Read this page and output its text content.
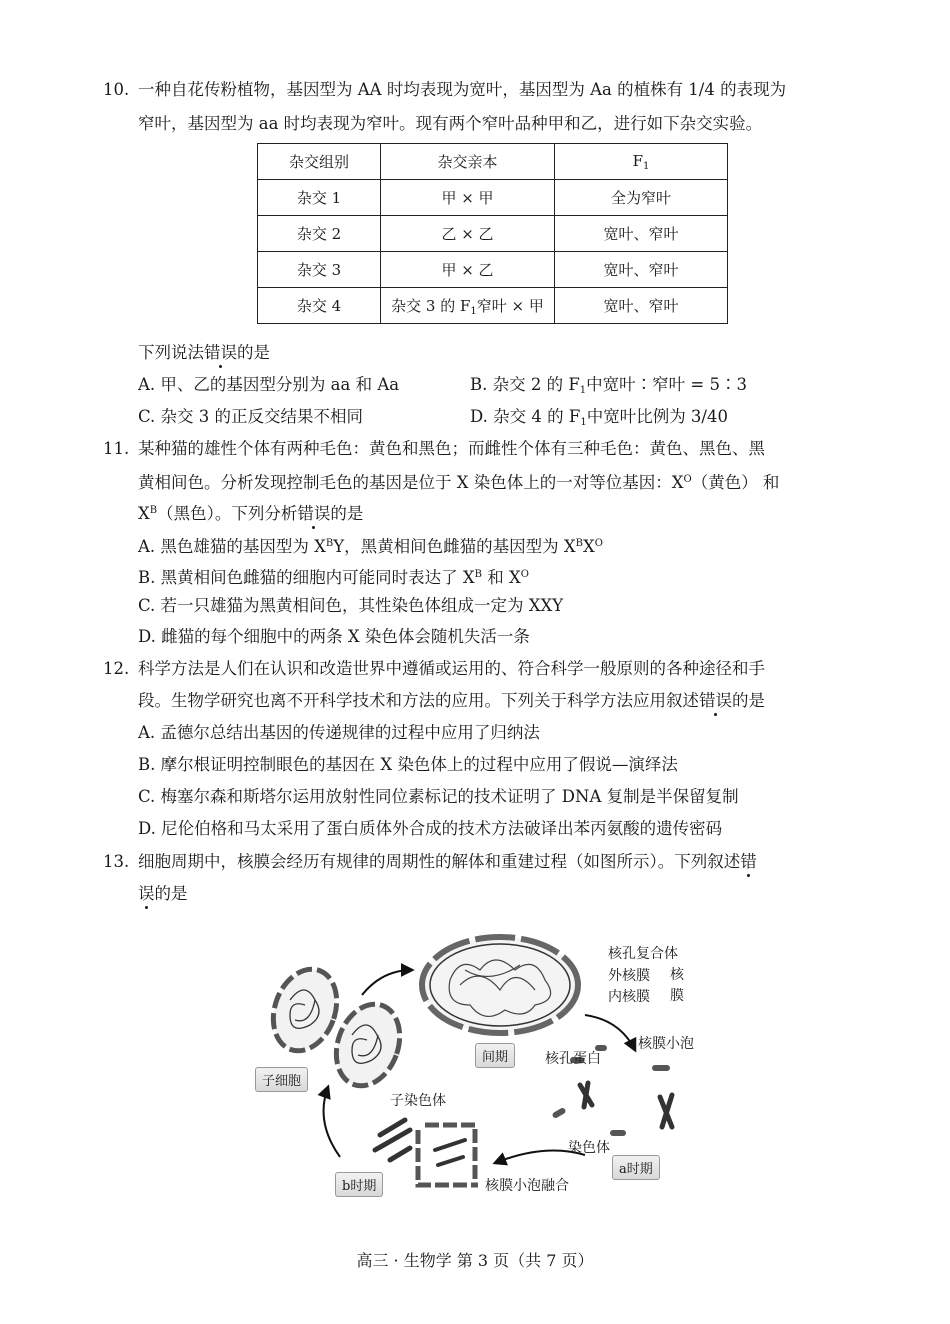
10. 一种自花传粉植物，基因型为 AA 时均表现为宽叶，基因型为 Aa 的植株有 1/4 的表现为
窄叶，基因型为 aa 时均表现为窄叶。现有两个窄叶品种甲和乙，进行如下杂交实验。
杂交组别	杂交亲本	$F_1$
杂交 1	甲 × 甲	全为窄叶
杂交 2	乙 × 乙	宽叶、窄叶
杂交 3	甲 × 乙	宽叶、窄叶
杂交 4	杂交 3 的 $F_1$窄叶 × 甲	宽叶、窄叶
下列说法错误的是
A. 甲、乙的基因型分别为 aa 和 Aa	B. 杂交 2 的 $F_1$中宽叶∶窄叶 = 5∶3
C. 杂交 3 的正反交结果不相同	D. 杂交 4 的 $F_1$中宽叶比例为 3/40
11. 某种猫的雄性个体有两种毛色：黄色和黑色；而雌性个体有三种毛色：黄色、黑色、黑
黄相间色。分析发现控制毛色的基因是位于 X 染色体上的一对等位基因：$X^O$（黄色） 和
$X^B$（黑色）。下列分析错误的是
A. 黑色雄猫的基因型为 $X^BY$，黑黄相间色雌猫的基因型为 $X^BX^O$
B. 黑黄相间色雌猫的细胞内可能同时表达了 $X^B$ 和 $X^O$
C. 若一只雄猫为黑黄相间色，其性染色体组成一定为 XXY
D. 雌猫的每个细胞中的两条 X 染色体会随机失活一条
12. 科学方法是人们在认识和改造世界中遵循或运用的、符合科学一般原则的各种途径和手
段。生物学研究也离不开科学技术和方法的应用。下列关于科学方法应用叙述错误的是
A. 孟德尔总结出基因的传递规律的过程中应用了归纳法
B. 摩尔根证明控制眼色的基因在 X 染色体上的过程中应用了假说—演绎法
C. 梅塞尔森和斯塔尔运用放射性同位素标记的技术证明了 DNA 复制是半保留复制
D. 尼伦伯格和马太采用了蛋白质体外合成的技术方法破译出苯丙氨酸的遗传密码
13. 细胞周期中，核膜会经历有规律的周期性的解体和重建过程（如图所示）。下列叙述错
误的是
核孔复合体
外核膜
内核膜
核
膜
间期
核膜小泡
核孔蛋白
子细胞
子染色体
染色体
a时期
b时期	核膜小泡融合
高三 · 生物学 第 3 页（共 7 页）
